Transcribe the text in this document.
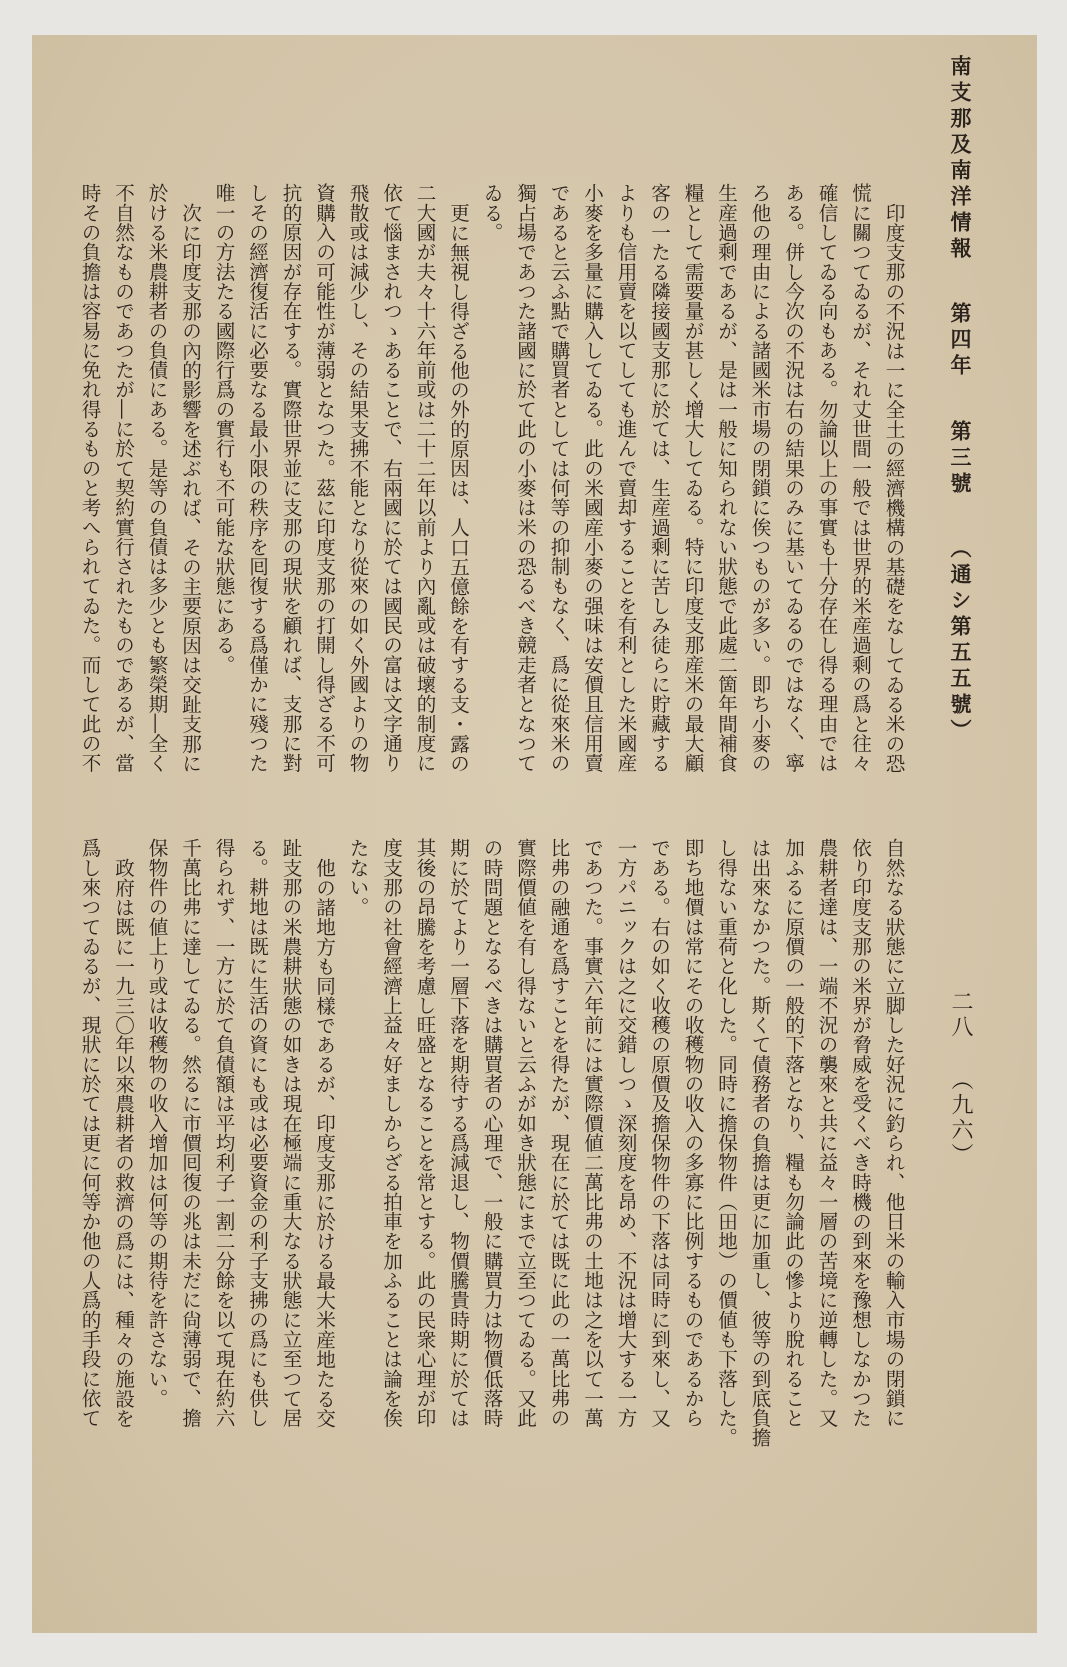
南支那及南洋情報
第四年
第三號
（通シ第五五號）
二八
（九六）
印度支那の不況は一に全土の經濟機構の基礎をなしてゐる米の恐
慌に關つてゐるが、それ丈世間一般では世界的米産過剩の爲と往々
確信してゐる向もある。勿論以上の事實も十分存在し得る理由では
ある。併し今次の不況は右の結果のみに基いてゐるのではなく、寧
ろ他の理由による諸國米市場の閉鎖に俟つものが多い。即ち小麥の
生産過剩であるが、是は一般に知られない狀態で此處二箇年間補食
糧として需要量が甚しく增大してゐる。特に印度支那産米の最大顧
客の一たる隣接國支那に於ては、生産過剩に苦しみ徒らに貯藏する
よりも信用賣を以てしても進んで賣却することを有利とした米國産
小麥を多量に購入してゐる。此の米國産小麥の强味は安價且信用賣
であると云ふ點で購買者としては何等の抑制もなく、爲に從來米の
獨占場であつた諸國に於て此の小麥は米の恐るべき競走者となつて
ゐる。
更に無視し得ざる他の外的原因は、人口五億餘を有する支・露の
二大國が夫々十六年前或は二十二年以前より內亂或は破壞的制度に
依て惱まされつゝあることで、右兩國に於ては國民の富は文字通り
飛散或は減少し、その結果支拂不能となり從來の如く外國よりの物
資購入の可能性が薄弱となつた。茲に印度支那の打開し得ざる不可
抗的原因が存在する。實際世界並に支那の現狀を顧れば、支那に對
しその經濟復活に必要なる最小限の秩序を囘復する爲僅かに殘つた
唯一の方法たる國際行爲の實行も不可能な狀態にある。
次に印度支那の內的影響を述ぶれば、その主要原因は交趾支那に
於ける米農耕者の負債にある。是等の負債は多少とも繁榮期―全く
不自然なものであつたが―に於て契約實行されたものであるが、當
時その負擔は容易に免れ得るものと考へられてゐた。而して此の不
自然なる狀態に立脚した好況に釣られ、他日米の輸入市場の閉鎖に
依り印度支那の米界が脅威を受くべき時機の到來を豫想しなかつた
農耕者達は、一端不況の襲來と共に益々一層の苦境に逆轉した。又
加ふるに原價の一般的下落となり、糧も勿論此の慘より脫れること
は出來なかつた。斯くて債務者の負擔は更に加重し、彼等の到底負擔
し得ない重荷と化した。同時に擔保物件（田地）の價値も下落した。
即ち地價は常にその收穫物の收入の多寡に比例するものであるから
である。右の如く收穫の原價及擔保物件の下落は同時に到來し、又
一方パニックは之に交錯しつゝ深刻度を昂め、不況は增大する一方
であつた。事實六年前には實際價値二萬比弗の土地は之を以て一萬
比弗の融通を爲すことを得たが、現在に於ては既に此の一萬比弗の
實際價値を有し得ないと云ふが如き狀態にまで立至つてゐる。又此
の時問題となるべきは購買者の心理で、一般に購買力は物價低落時
期に於てより一層下落を期待する爲減退し、物價騰貴時期に於ては
其後の昂騰を考慮し旺盛となることを常とする。此の民衆心理が印
度支那の社會經濟上益々好ましからざる拍車を加ふることは論を俟
たない。
他の諸地方も同樣であるが、印度支那に於ける最大米産地たる交
趾支那の米農耕狀態の如きは現在極端に重大なる狀態に立至つて居
る。耕地は既に生活の資にも或は必要資金の利子支拂の爲にも供し
得られず、一方に於て負債額は平均利子一割二分餘を以て現在約六
千萬比弗に達してゐる。然るに市價囘復の兆は未だに尙薄弱で、擔
保物件の値上り或は收穫物の收入增加は何等の期待を許さない。
政府は既に一九三〇年以來農耕者の救濟の爲には、種々の施設を
爲し來つてゐるが、現狀に於ては更に何等か他の人爲的手段に依て
